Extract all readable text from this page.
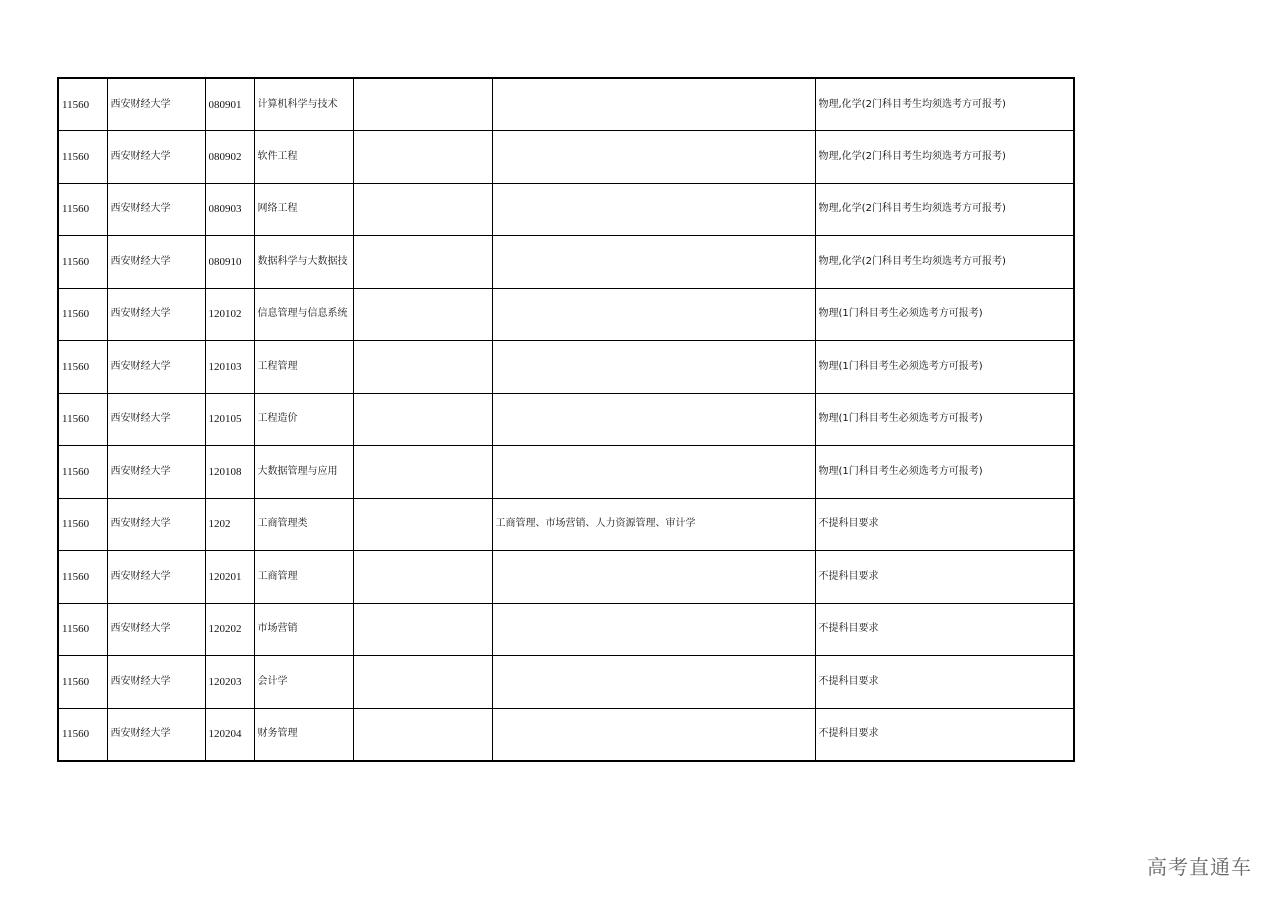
11560	西安财经大学	080901	计算机科学与技术			物理,化学(2门科目考生均须选考方可报考)
11560	西安财经大学	080902	软件工程			物理,化学(2门科目考生均须选考方可报考)
11560	西安财经大学	080903	网络工程			物理,化学(2门科目考生均须选考方可报考)
11560	西安财经大学	080910	数据科学与大数据技			物理,化学(2门科目考生均须选考方可报考)
11560	西安财经大学	120102	信息管理与信息系统			物理(1门科目考生必须选考方可报考)
11560	西安财经大学	120103	工程管理			物理(1门科目考生必须选考方可报考)
11560	西安财经大学	120105	工程造价			物理(1门科目考生必须选考方可报考)
11560	西安财经大学	120108	大数据管理与应用			物理(1门科目考生必须选考方可报考)
11560	西安财经大学	1202	工商管理类		工商管理、市场营销、人力资源管理、审计学	不提科目要求
11560	西安财经大学	120201	工商管理			不提科目要求
11560	西安财经大学	120202	市场营销			不提科目要求
11560	西安财经大学	120203	会计学			不提科目要求
11560	西安财经大学	120204	财务管理			不提科目要求
高考直通车
